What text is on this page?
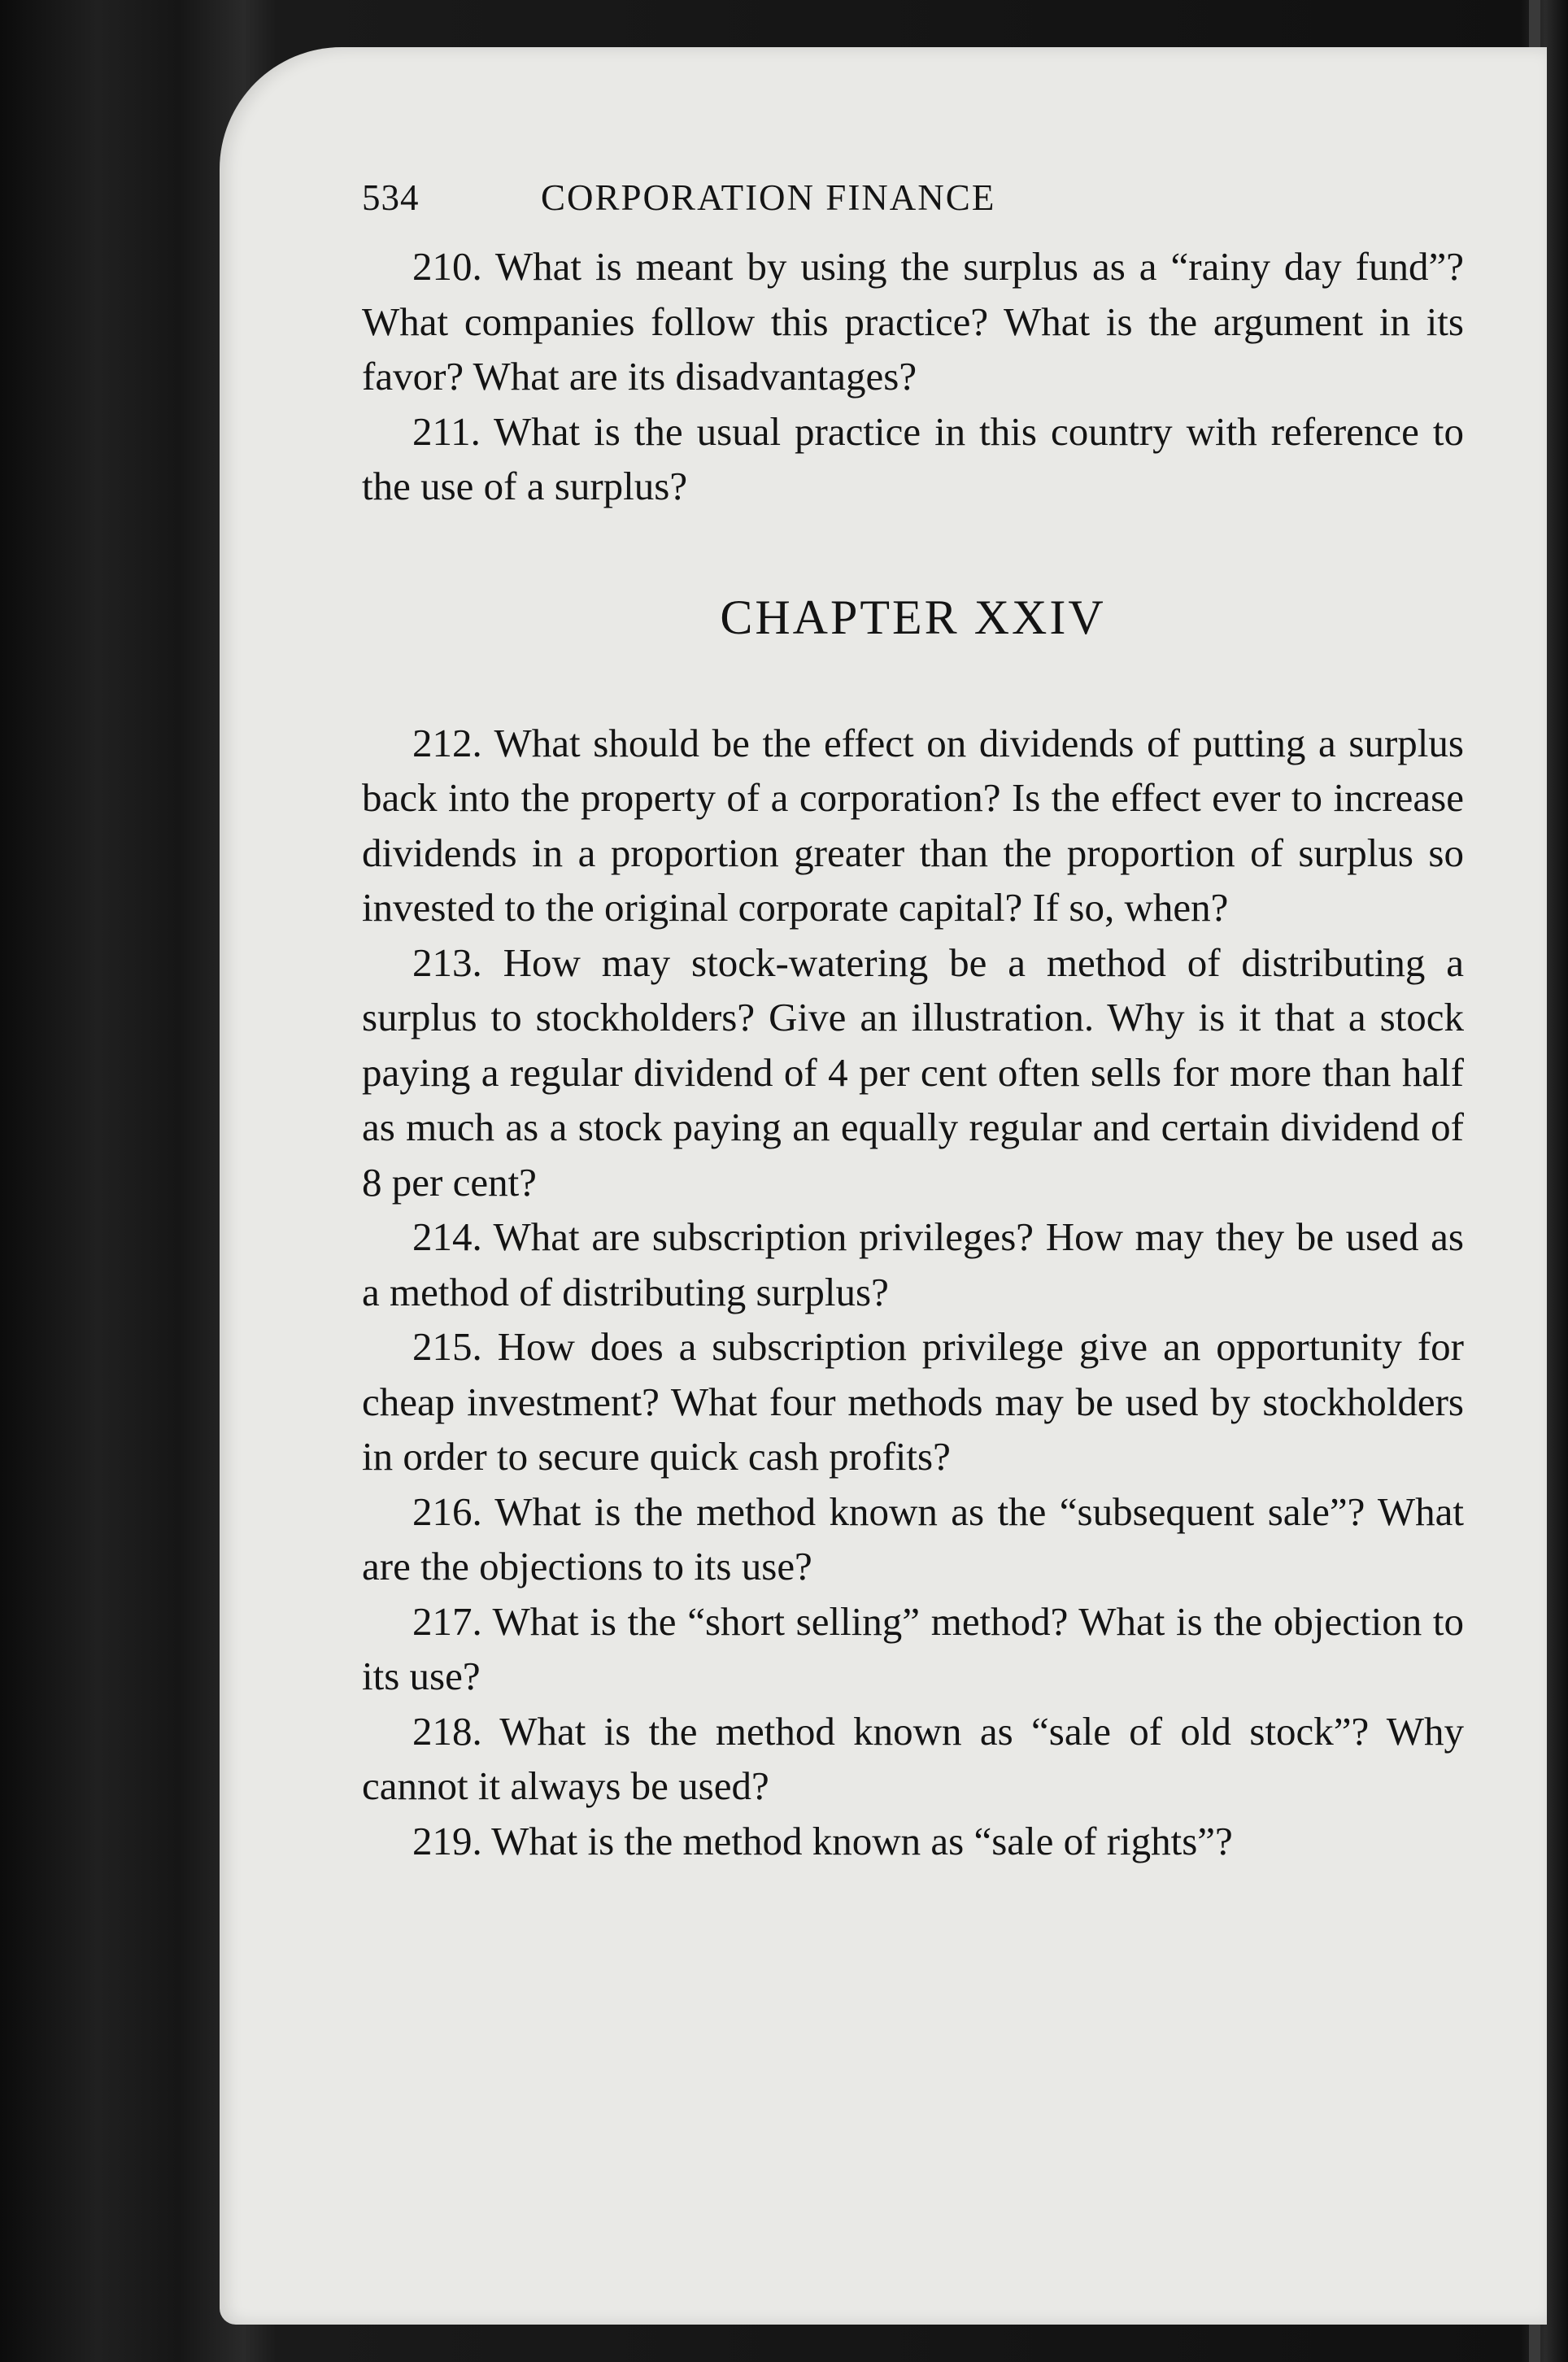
534	CORPORATION FINANCE

210. What is meant by using the surplus as a “rainy day fund”? What companies follow this practice? What is the argument in its favor? What are its disadvantages?

211. What is the usual practice in this country with reference to the use of a surplus?

CHAPTER XXIV

212. What should be the effect on dividends of putting a surplus back into the property of a corporation? Is the effect ever to increase dividends in a proportion greater than the proportion of surplus so invested to the original corporate capital? If so, when?

213. How may stock-watering be a method of distributing a surplus to stockholders? Give an illustration. Why is it that a stock paying a regular dividend of 4 per cent often sells for more than half as much as a stock paying an equally regular and certain dividend of 8 per cent?

214. What are subscription privileges? How may they be used as a method of distributing surplus?

215. How does a subscription privilege give an opportunity for cheap investment? What four methods may be used by stockholders in order to secure quick cash profits?

216. What is the method known as the “subsequent sale”? What are the objections to its use?

217. What is the “short selling” method? What is the objection to its use?

218. What is the method known as “sale of old stock”? Why cannot it always be used?

219. What is the method known as “sale of rights”?
